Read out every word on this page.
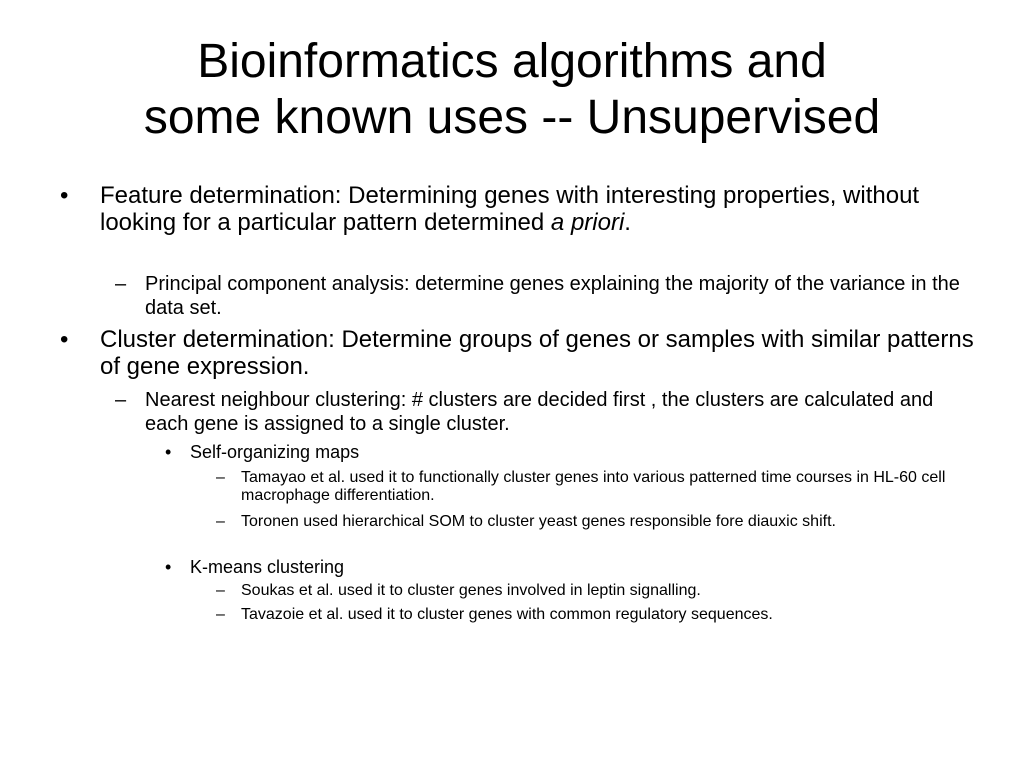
Bioinformatics algorithms and
some known uses -- Unsupervised
• Feature determination: Determining genes with interesting properties, without looking for a particular pattern determined a priori.
– Principal component analysis: determine genes explaining the majority of the variance in the data set.
• Cluster determination: Determine groups of genes or samples with similar patterns of gene expression.
– Nearest neighbour clustering: # clusters are decided first , the clusters are calculated and each gene is assigned to a single cluster.
• Self-organizing maps
– Tamayao et al. used it to functionally cluster genes into various patterned time courses in HL-60 cell macrophage differentiation.
– Toronen used hierarchical SOM to cluster yeast genes responsible fore diauxic shift.
• K-means clustering
– Soukas et al. used it to cluster genes involved in leptin signalling.
– Tavazoie et al. used it to cluster genes with common regulatory sequences.
